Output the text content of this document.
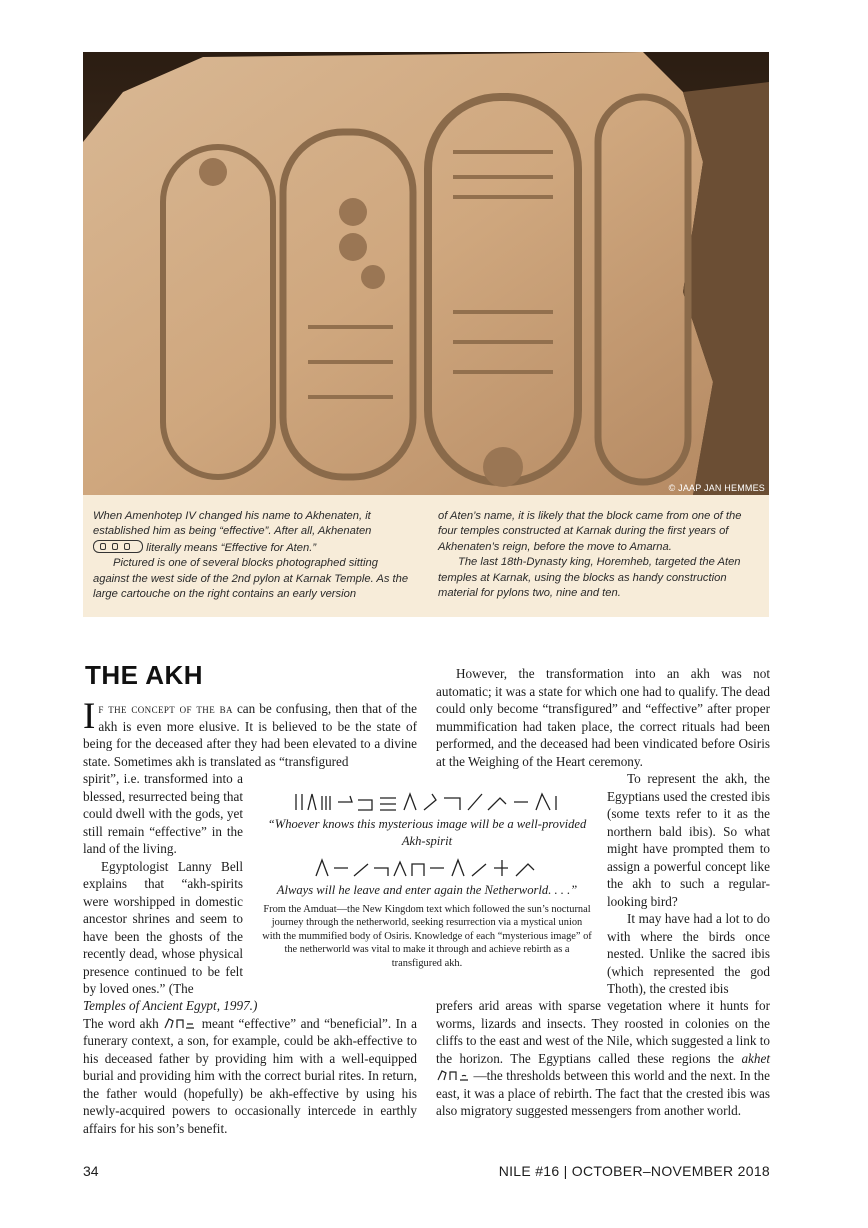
© JAAP JAN HEMMES

When Amenhotep IV changed his name to Akhenaten, it established him as being “effective”. After all, Akhenaten

literally means “Effective for Aten.”

Pictured is one of several blocks photographed sitting against the west side of the 2nd pylon at Karnak Temple. As the large cartouche on the right contains an early version

of Aten’s name, it is likely that the block came from one of the four temples constructed at Karnak during the first years of Akhenaten’s reign, before the move to Amarna.

The last 18th-Dynasty king, Horemheb, targeted the Aten temples at Karnak, using the blocks as handy construction material for pylons two, nine and ten.

THE AKH
If the concept of the ba can be confusing, then that of the akh is even more elusive. It is believed to be the state of being for the deceased after they had been elevated to a divine state. Sometimes akh is translated as “transfigured

spirit”, i.e. transformed into a blessed, resurrected being that could dwell with the gods, yet still remain “effective” in the land of the living.

Egyptologist Lanny Bell explains that “akh-spirits were worshipped in domestic ancestor shrines and seem to have been the ghosts of the recently dead, whose physical presence continued to be felt by loved ones.” (The

Temples of Ancient Egypt, 1997.)

The word akh	meant “effective” and “beneficial”. In a funerary context, a son, for example, could be akh-effective to his deceased father by providing him with a well-equipped burial and providing him with the correct burial rites. In return, the father would (hopefully) be akh-effective by using his newly-acquired powers to occasionally intercede in earthly affairs for his son’s benefit.

“Whoever knows this mysterious image will be a well-provided Akh-spirit

Always will he leave and enter again the Netherworld. . . .”

From the Amduat—the New Kingdom text which followed the sun’s nocturnal journey through the netherworld, seeking resurrection via a mystical union with the mummified body of Osiris. Knowledge of each “mysterious image” of the netherworld was vital to make it through and achieve rebirth as a transfigured akh.

However, the transformation into an akh was not automatic; it was a state for which one had to qualify. The dead could only become “transfigured” and “effective” after proper mummification had taken place, the correct rituals had been performed, and the deceased had been vindicated before Osiris at the Weighing of the Heart ceremony.

To represent the akh, the Egyptians used the crested ibis (some texts refer to it as the northern bald ibis). So what might have prompted them to assign a powerful concept like the akh to such a regular-looking bird?

It may have had a lot to do with where the birds once nested. Unlike the sacred ibis (which represented the god Thoth), the crested ibis

prefers arid areas with sparse vegetation where it hunts for worms, lizards and insects. They roosted in colonies on the cliffs to the east and west of the Nile, which suggested a link to the horizon. The Egyptians called these regions the akhet  —the thresholds between this world and the next. In the east, it was a place of rebirth. The fact that the crested ibis was also migratory suggested messengers from another world.

34	NILE #16 | OCTOBER–NOVEMBER 2018
